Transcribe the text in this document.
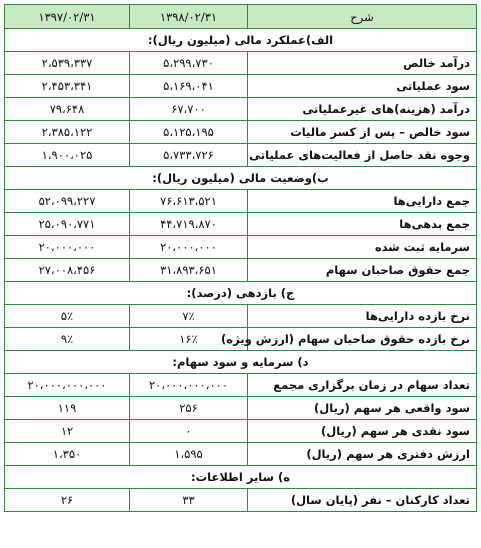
شرح	۱۳۹۸/۰۲/۳۱	۱۳۹۷/۰۲/۳۱
الف)عملکرد مالی (میلیون ریال):		
درآمد خالص	۵،۲۹۹،۷۳۰	۲،۵۳۹،۳۳۷
سود عملیاتی	۵،۱۶۹،۰۴۱	۲،۴۵۳،۳۴۱
درآمد (هزینه)های غیرعملیاتی	۶۷،۷۰۰	۷۹،۶۴۸
سود خالص – پس از کسر مالیات	۵،۱۲۵،۱۹۵	۲،۳۸۵،۱۲۲
وجوه نقد حاصل از فعالیت‌های عملیاتی	۵،۷۳۳،۷۲۶	۱،۹۰۰،۰۲۵
ب)وضعیت مالی (میلیون ریال):		
جمع دارایی‌ها	۷۶،۶۱۳،۵۲۱	۵۲،۰۹۹،۲۲۷
جمع بدهی‌ها	۴۴،۷۱۹،۸۷۰	۲۵،۰۹۰،۷۷۱
سرمایه ثبت شده	۲۰،۰۰۰،۰۰۰	۲۰،۰۰۰،۰۰۰
جمع حقوق صاحبان سهام	۳۱،۸۹۳،۶۵۱	۲۷،۰۰۸،۴۵۶
ج) بازدهی (درصد):		
نرخ بازده دارایی‌ها	۷٪	۵٪
نرخ بازده حقوق صاحبان سهام (ارزش ویژه)	۱۶٪	۹٪
د) سرمایه و سود سهام:		
تعداد سهام در زمان برگزاری مجمع	۲۰،۰۰۰،۰۰۰،۰۰۰	۲۰،۰۰۰،۰۰۰،۰۰۰
سود واقعی هر سهم (ریال)	۲۵۶	۱۱۹
سود نقدی هر سهم (ریال)	۰	۱۲
ارزش دفتری هر سهم (ریال)	۱،۵۹۵	۱،۳۵۰
ه) سایر اطلاعات:		
تعداد کارکنان – نفر (پایان سال)	۳۳	۲۶
